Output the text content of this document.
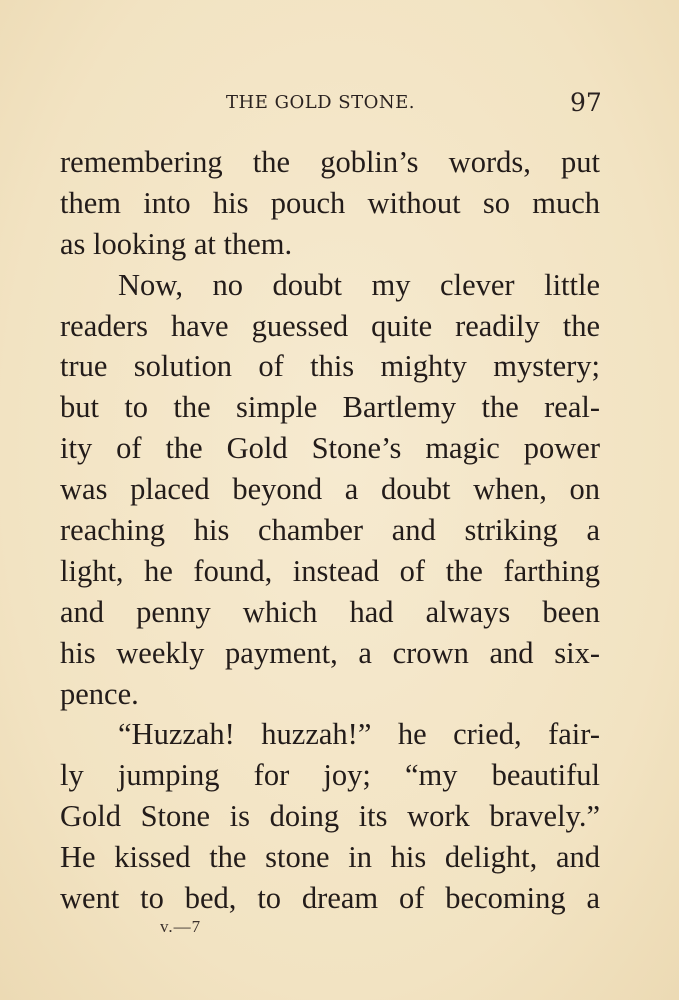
THE GOLD STONE.	97
remembering the goblin’s words, put
them into his pouch without so much
as looking at them.
Now, no doubt my clever little
readers have guessed quite readily the
true solution of this mighty mystery;
but to the simple Bartlemy the real-
ity of the Gold Stone’s magic power
was placed beyond a doubt when, on
reaching his chamber and striking a
light, he found, instead of the farthing
and penny which had always been
his weekly payment, a crown and six-
pence.
“Huzzah! huzzah!” he cried, fair-
ly jumping for joy; “my beautiful
Gold Stone is doing its work bravely.”
He kissed the stone in his delight, and
went to bed, to dream of becoming a
v.—7
